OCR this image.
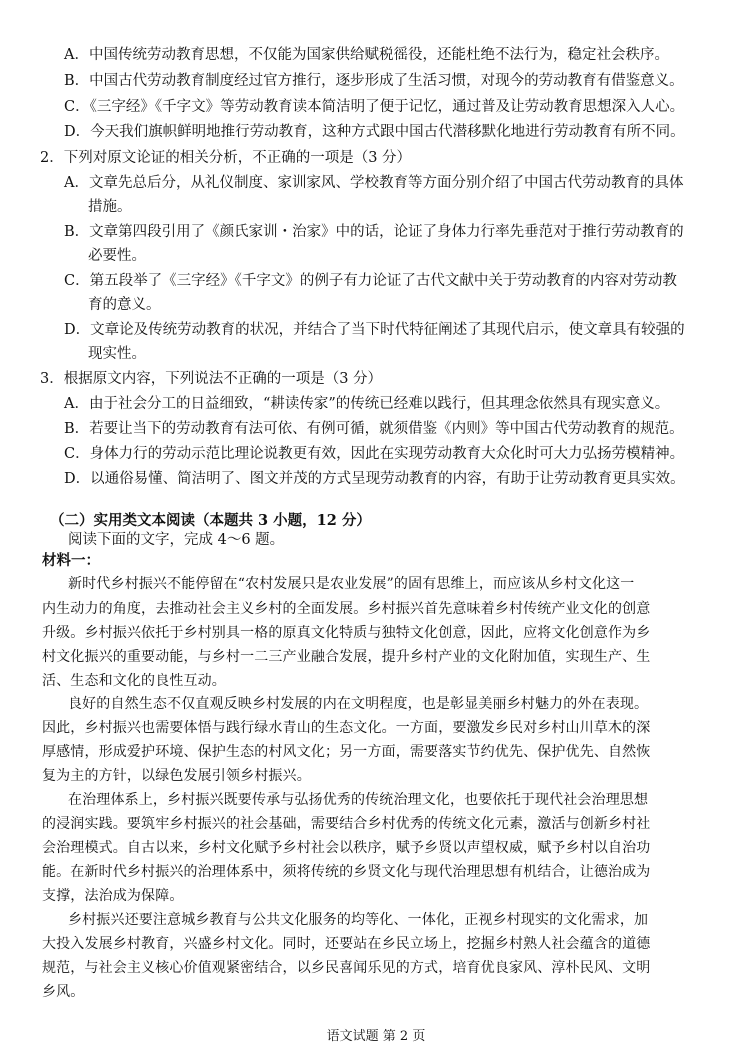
A．中国传统劳动教育思想，不仅能为国家供给赋税徭役，还能杜绝不法行为，稳定社会秩序。
B．中国古代劳动教育制度经过官方推行，逐步形成了生活习惯，对现今的劳动教育有借鉴意义。
C．《三字经》《千字文》等劳动教育读本简洁明了便于记忆，通过普及让劳动教育思想深入人心。
D．今天我们旗帜鲜明地推行劳动教育，这种方式跟中国古代潜移默化地进行劳动教育有所不同。
2．下列对原文论证的相关分析，不正确的一项是（3 分）
A．文章先总后分，从礼仪制度、家训家风、学校教育等方面分别介绍了中国古代劳动教育的具体
措施。
B．文章第四段引用了《颜氏家训・治家》中的话，论证了身体力行率先垂范对于推行劳动教育的
必要性。
C．第五段举了《三字经》《千字文》的例子有力论证了古代文献中关于劳动教育的内容对劳动教
育的意义。
D．文章论及传统劳动教育的状况，并结合了当下时代特征阐述了其现代启示，使文章具有较强的
现实性。
3．根据原文内容，下列说法不正确的一项是（3 分）
A．由于社会分工的日益细致，“耕读传家”的传统已经难以践行，但其理念依然具有现实意义。
B．若要让当下的劳动教育有法可依、有例可循，就须借鉴《内则》等中国古代劳动教育的规范。
C．身体力行的劳动示范比理论说教更有效，因此在实现劳动教育大众化时可大力弘扬劳模精神。
D．以通俗易懂、简洁明了、图文并茂的方式呈现劳动教育的内容，有助于让劳动教育更具实效。
（二）实用类文本阅读（本题共 3 小题，12 分）
阅读下面的文字，完成 4～6 题。
材料一：
新时代乡村振兴不能停留在“农村发展只是农业发展”的固有思维上，而应该从乡村文化这一
内生动力的角度，去推动社会主义乡村的全面发展。乡村振兴首先意味着乡村传统产业文化的创意
升级。乡村振兴依托于乡村别具一格的原真文化特质与独特文化创意，因此，应将文化创意作为乡
村文化振兴的重要动能，与乡村一二三产业融合发展，提升乡村产业的文化附加值，实现生产、生
活、生态和文化的良性互动。
良好的自然生态不仅直观反映乡村发展的内在文明程度，也是彰显美丽乡村魅力的外在表现。
因此，乡村振兴也需要体悟与践行绿水青山的生态文化。一方面，要激发乡民对乡村山川草木的深
厚感情，形成爱护环境、保护生态的村风文化；另一方面，需要落实节约优先、保护优先、自然恢
复为主的方针，以绿色发展引领乡村振兴。
在治理体系上，乡村振兴既要传承与弘扬优秀的传统治理文化，也要依托于现代社会治理思想
的浸润实践。要筑牢乡村振兴的社会基础，需要结合乡村优秀的传统文化元素，激活与创新乡村社
会治理模式。自古以来，乡村文化赋予乡村社会以秩序，赋予乡贤以声望权威，赋予乡村以自治功
能。在新时代乡村振兴的治理体系中，须将传统的乡贤文化与现代治理思想有机结合，让德治成为
支撑，法治成为保障。
乡村振兴还要注意城乡教育与公共文化服务的均等化、一体化，正视乡村现实的文化需求，加
大投入发展乡村教育，兴盛乡村文化。同时，还要站在乡民立场上，挖掘乡村熟人社会蕴含的道德
规范，与社会主义核心价值观紧密结合，以乡民喜闻乐见的方式，培育优良家风、淳朴民风、文明
乡风。
语文试题 第 2 页
